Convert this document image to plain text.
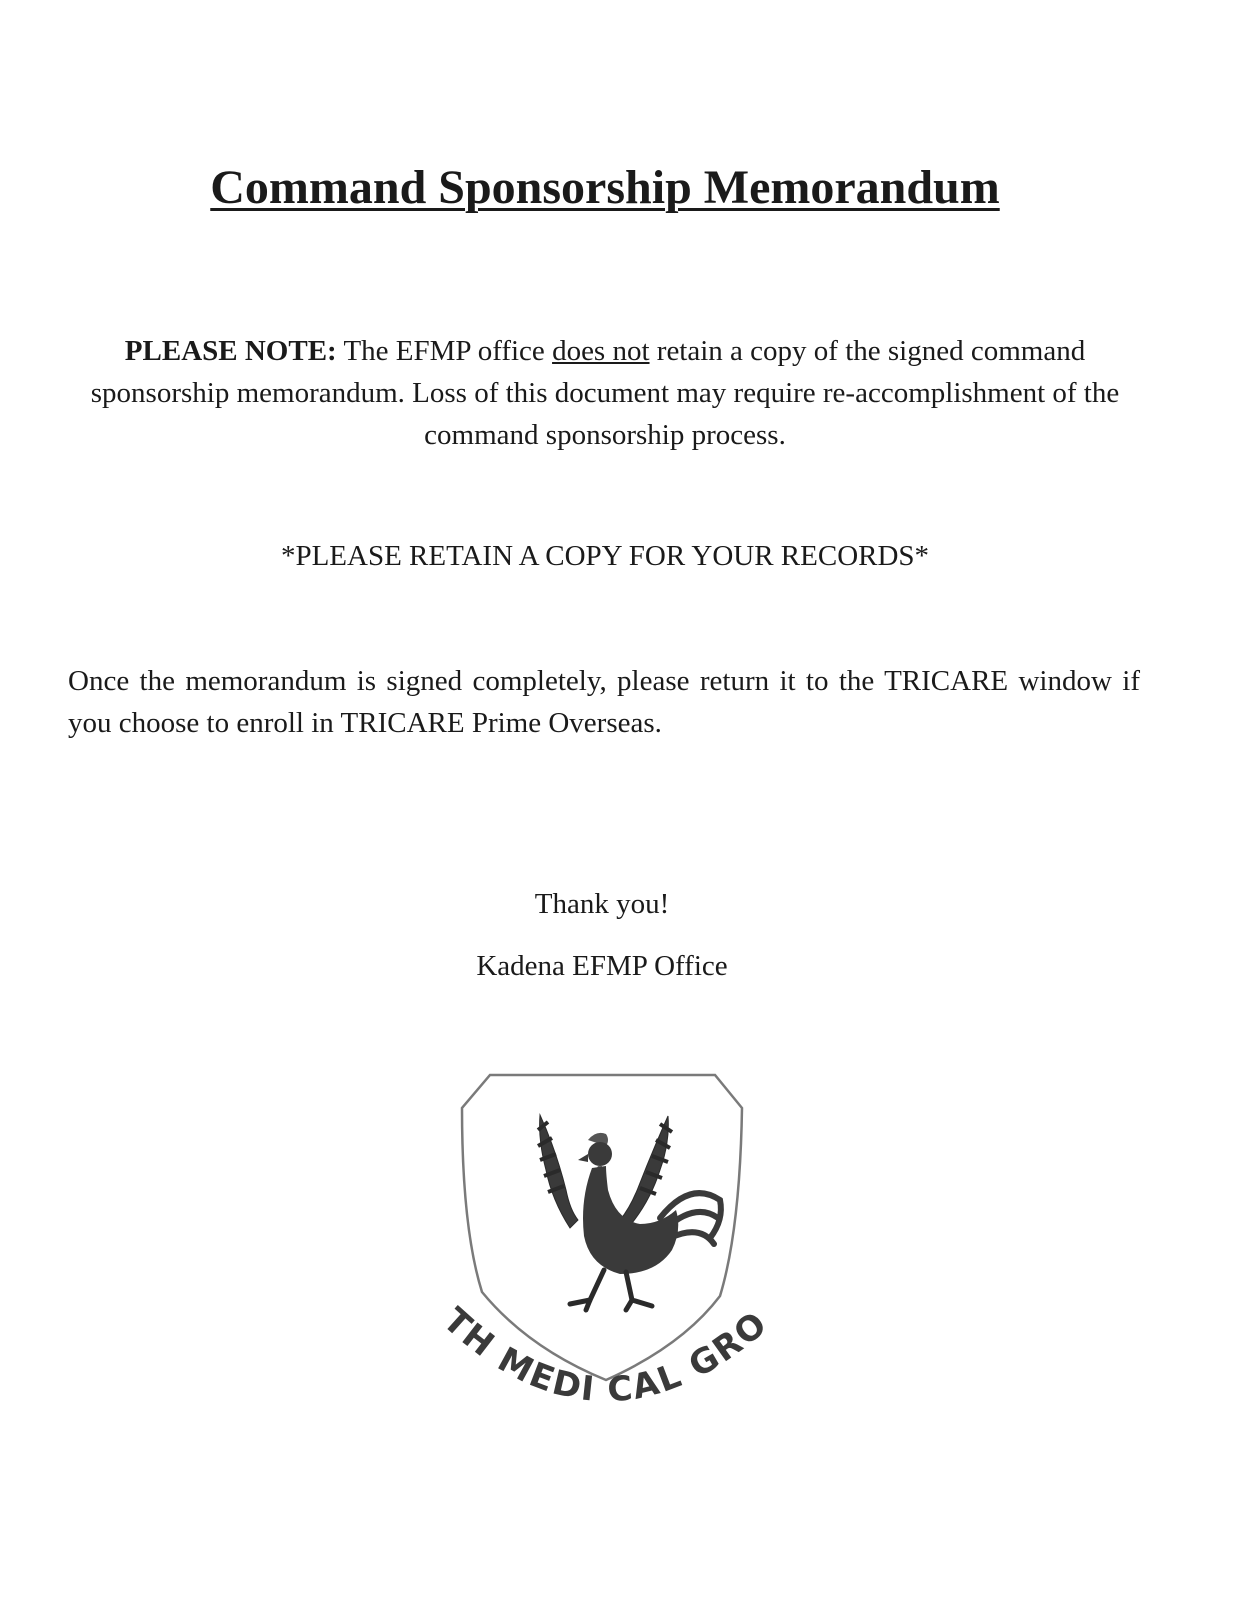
Command Sponsorship Memorandum

PLEASE NOTE: The EFMP office does not retain a copy of the signed command sponsorship memorandum. Loss of this document may require re-accomplishment of the command sponsorship process.

*PLEASE RETAIN A COPY FOR YOUR RECORDS*

Once the memorandum is signed completely, please return it to the TRICARE window if you choose to enroll in TRICARE Prime Overseas.

Thank you!

Kadena EFMP Office

TH MEDI CAL GRO
